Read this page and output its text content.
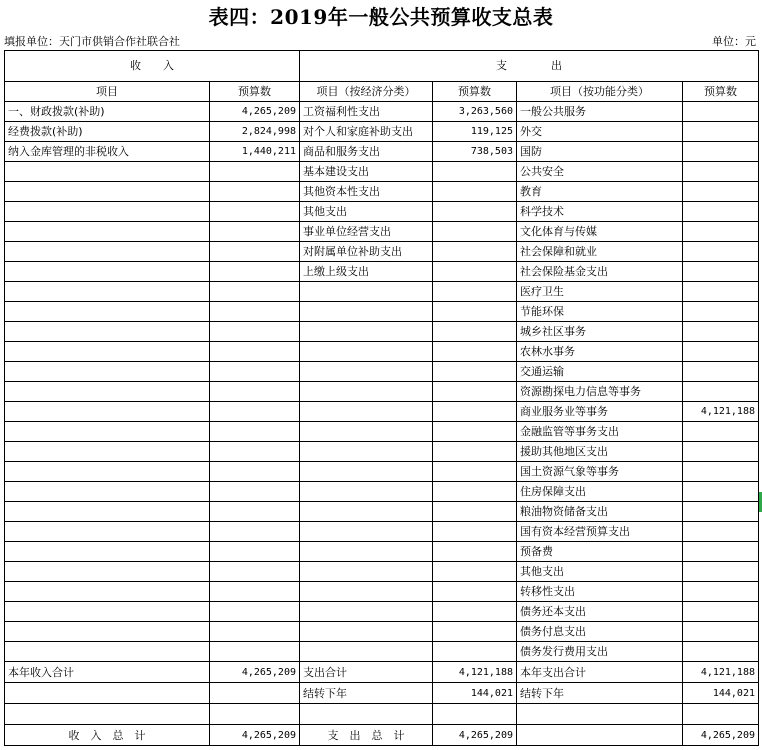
表四：2019年一般公共预算收支总表
填报单位：天门市供销合作社联合社	单位：元
收　　入		支　　　　出			
项目	预算数	项目（按经济分类）	预算数	项目（按功能分类）	预算数
一、财政拨款(补助)	4,265,209	工资福利性支出	3,263,560	一般公共服务	
经费拨款(补助)	2,824,998	对个人和家庭补助支出	119,125	外交	
纳入金库管理的非税收入	1,440,211	商品和服务支出	738,503	国防	
		基本建设支出		公共安全	
		其他资本性支出		教育	
		其他支出		科学技术	
		事业单位经营支出		文化体育与传媒	
		对附属单位补助支出		社会保障和就业	
		上缴上级支出		社会保险基金支出	
				医疗卫生	
				节能环保	
				城乡社区事务	
				农林水事务	
				交通运输	
				资源勘探电力信息等事务	
				商业服务业等事务	4,121,188
				金融监管等事务支出	
				援助其他地区支出	
				国土资源气象等事务	
				住房保障支出	
				粮油物资储备支出	
				国有资本经营预算支出	
				预备费	
				其他支出	
				转移性支出	
				债务还本支出	
				债务付息支出	
				债务发行费用支出	
本年收入合计	4,265,209	支出合计	4,121,188	本年支出合计	4,121,188
		结转下年	144,021	结转下年	144,021

收　入　总　计	4,265,209	支　出　总　计	4,265,209		4,265,209
